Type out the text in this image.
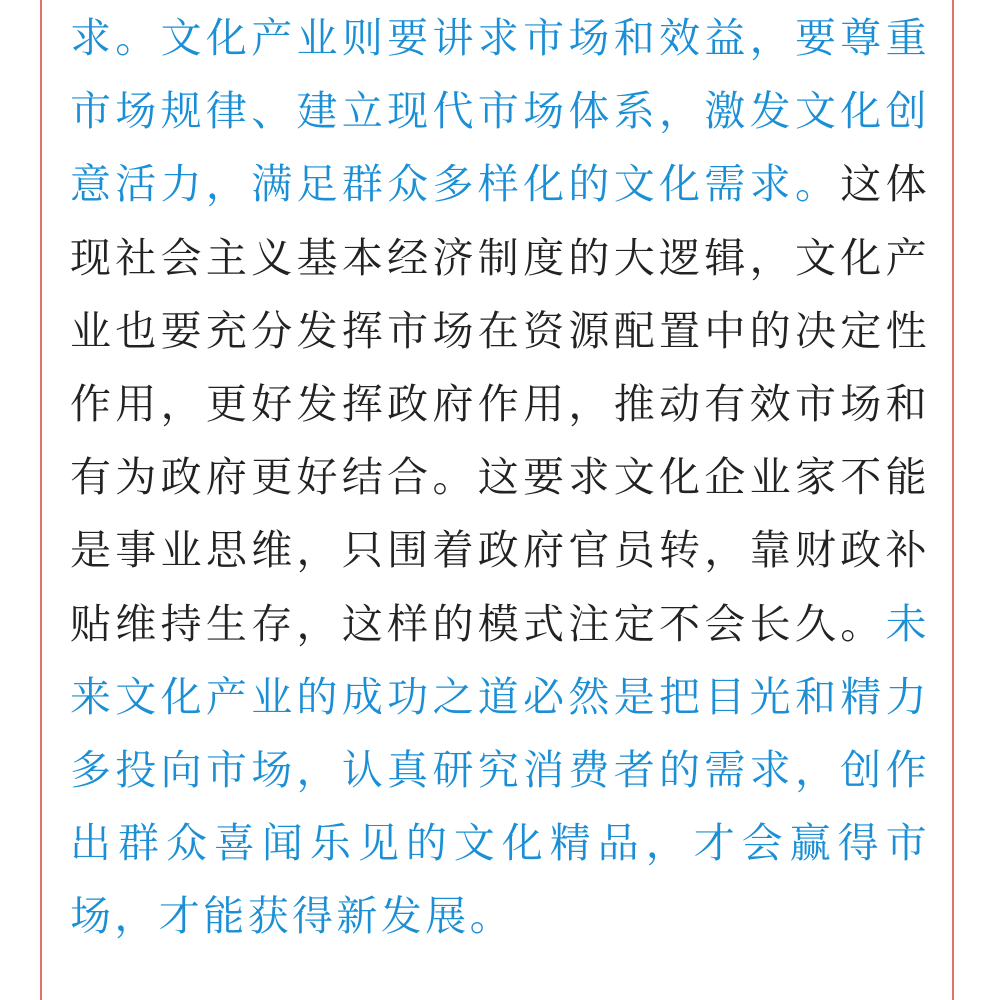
求。文化产业则要讲求市场和效益，要尊重市场规律、建立现代市场体系，激发文化创意活力，满足群众多样化的文化需求。这体现社会主义基本经济制度的大逻辑，文化产业也要充分发挥市场在资源配置中的决定性作用，更好发挥政府作用，推动有效市场和有为政府更好结合。这要求文化企业家不能是事业思维，只围着政府官员转，靠财政补贴维持生存，这样的模式注定不会长久。未来文化产业的成功之道必然是把目光和精力多投向市场，认真研究消费者的需求，创作出群众喜闻乐见的文化精品，才会赢得市场，才能获得新发展。
